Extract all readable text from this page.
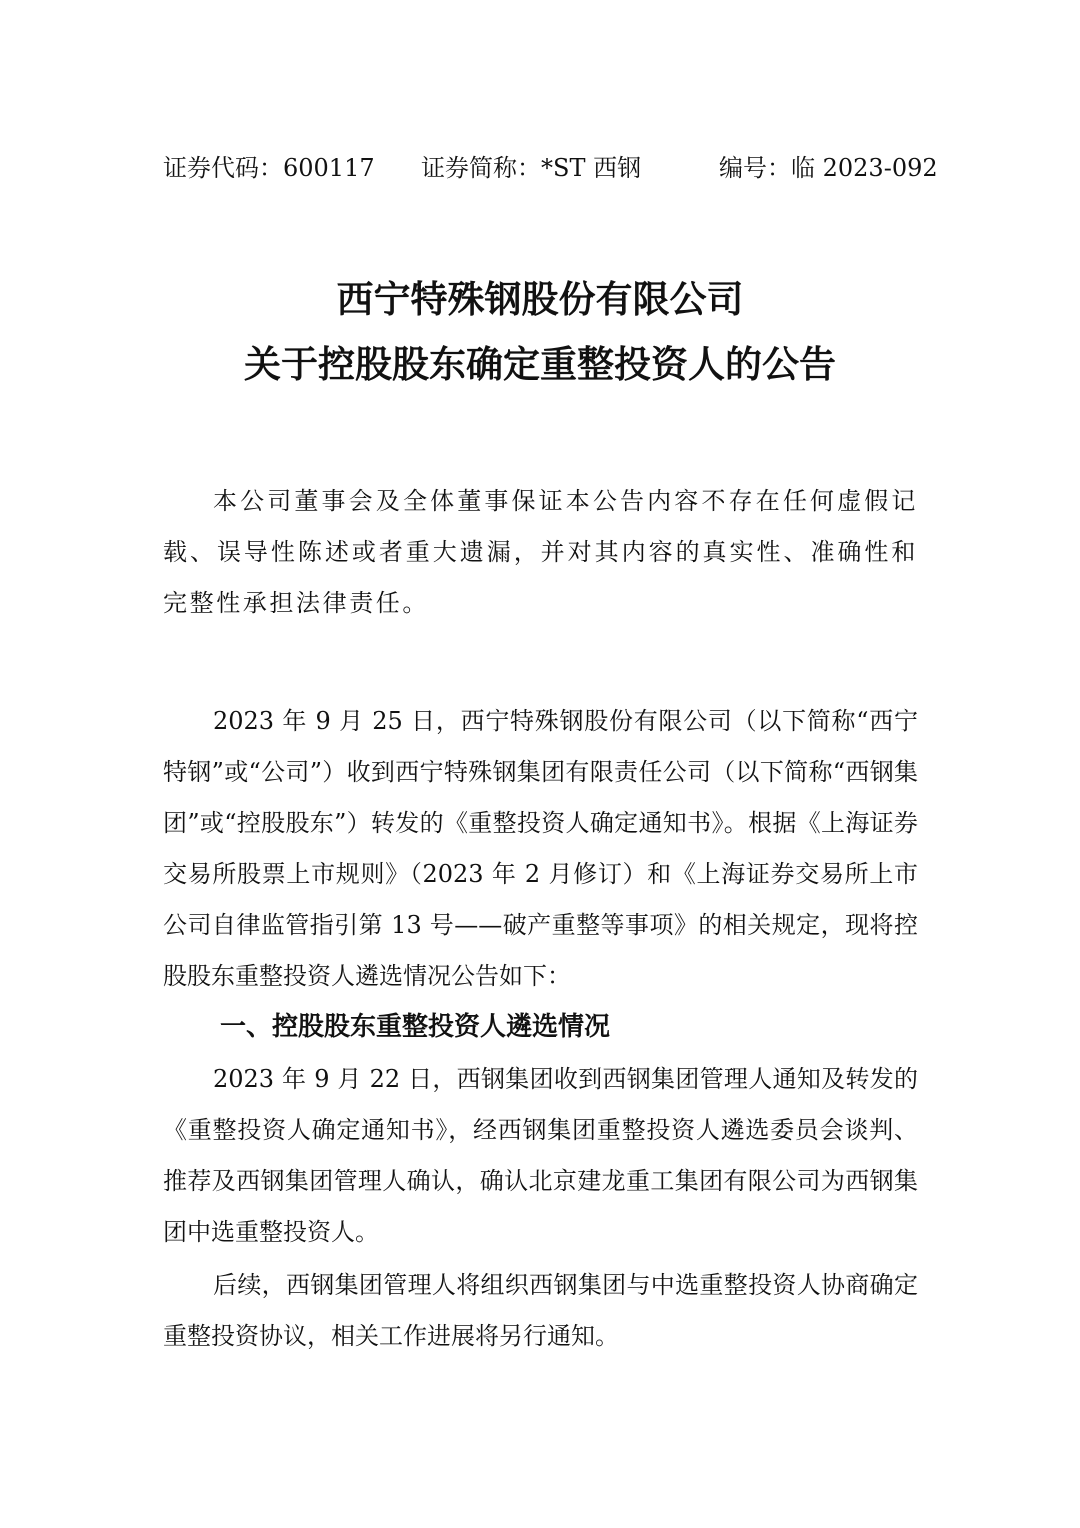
证券代码：600117 证券简称：*ST 西钢	编号：临 2023-092
西宁特殊钢股份有限公司
关于控股股东确定重整投资人的公告

本公司董事会及全体董事保证本公告内容不存在任何虚假记载、误导性陈述或者重大遗漏，并对其内容的真实性、准确性和完整性承担法律责任。

2023 年 9 月 25 日，西宁特殊钢股份有限公司（以下简称“西宁特钢”或“公司”）收到西宁特殊钢集团有限责任公司（以下简称“西钢集团”或“控股股东”）转发的《重整投资人确定通知书》。根据《上海证券交易所股票上市规则》（2023 年 2 月修订）和《上海证券交易所上市公司自律监管指引第 13 号——破产重整等事项》的相关规定，现将控股股东重整投资人遴选情况公告如下：

一、控股股东重整投资人遴选情况

2023 年 9 月 22 日，西钢集团收到西钢集团管理人通知及转发的《重整投资人确定通知书》，经西钢集团重整投资人遴选委员会谈判、推荐及西钢集团管理人确认，确认北京建龙重工集团有限公司为西钢集团中选重整投资人。

后续，西钢集团管理人将组织西钢集团与中选重整投资人协商确定重整投资协议，相关工作进展将另行通知。
